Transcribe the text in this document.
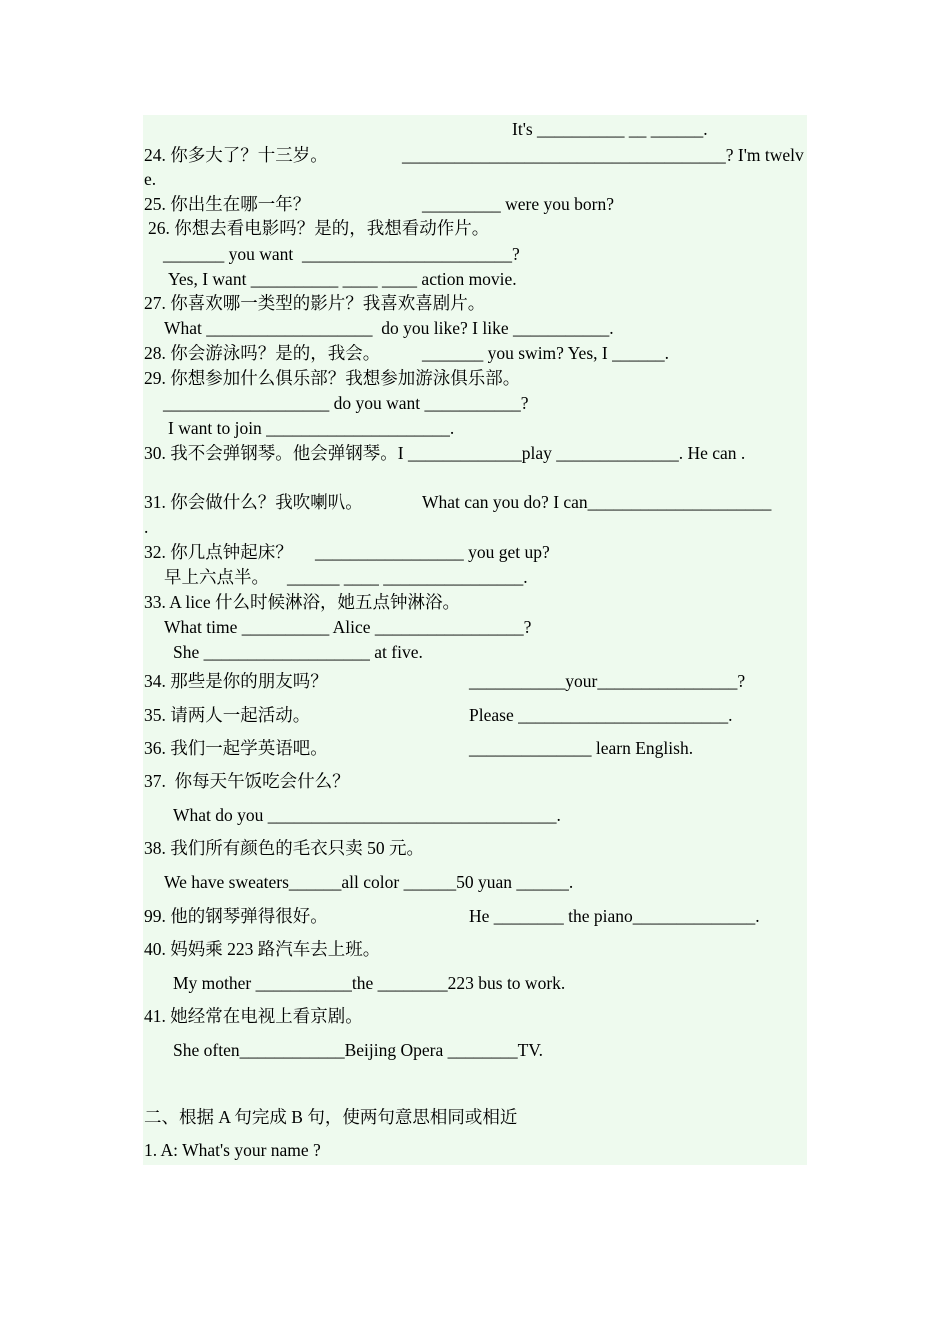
It's __________ __ ______.
24. 你多大了？十三岁。	_____________________________________? I'm twelv
e.
25. 你出生在哪一年？	_________ were you born?
26. 你想去看电影吗？是的，我想看动作片。
_______ you want  ________________________?
Yes, I want __________ ____ ____ action movie.
27. 你喜欢哪一类型的影片？我喜欢喜剧片。
What ___________________  do you like? I like ___________.
28. 你会游泳吗？是的，我会。 _______ you swim? Yes, I ______.
29. 你想参加什么俱乐部？我想参加游泳俱乐部。
___________________ do you want ___________?
I want to join _____________________.
30. 我不会弹钢琴。他会弹钢琴。I _____________play ______________. He can .
31. 你会做什么？我吹喇叭。	What can you do? I can_____________________
.
32. 你几点钟起床？ _________________ you get up?
早上六点半。 ______ ____ ________________.
33. A lice 什么时候淋浴，她五点钟淋浴。
What time __________ Alice _________________?
She ___________________ at five.
34. 那些是你的朋友吗？	___________your________________?
35. 请两人一起活动。	Please ________________________.
36. 我们一起学英语吧。	______________ learn English.
37.  你每天午饭吃会什么？
What do you _________________________________.
38. 我们所有颜色的毛衣只卖 50 元。
We have sweaters______all color ______50 yuan ______.
99. 他的钢琴弹得很好。	He ________ the piano______________.
40. 妈妈乘 223 路汽车去上班。
My mother ___________the ________223 bus to work.
41. 她经常在电视上看京剧。
She often____________Beijing Opera ________TV.
二、根据 A 句完成 B 句，使两句意思相同或相近
1. A: What's your name ?
